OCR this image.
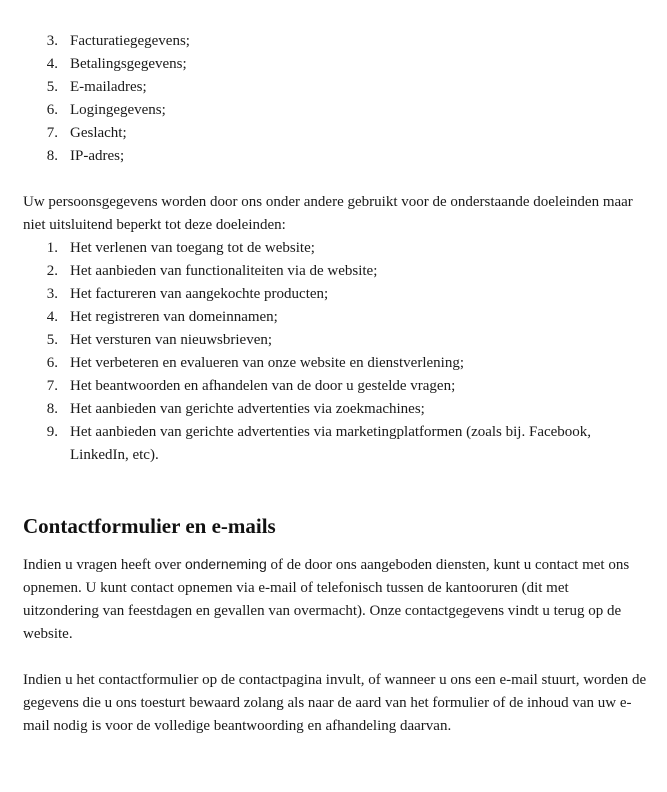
3. Facturatiegegevens;
4. Betalingsgegevens;
5. E-mailadres;
6. Logingegevens;
7. Geslacht;
8. IP-adres;

Uw persoonsgegevens worden door ons onder andere gebruikt voor de onderstaande doeleinden maar niet uitsluitend beperkt tot deze doeleinden:

1. Het verlenen van toegang tot de website;
2. Het aanbieden van functionaliteiten via de website;
3. Het factureren van aangekochte producten;
4. Het registreren van domeinnamen;
5. Het versturen van nieuwsbrieven;
6. Het verbeteren en evalueren van onze website en dienstverlening;
7. Het beantwoorden en afhandelen van de door u gestelde vragen;
8. Het aanbieden van gerichte advertenties via zoekmachines;
9. Het aanbieden van gerichte advertenties via marketingplatformen (zoals bij. Facebook, LinkedIn, etc).
Contactformulier en e-mails

Indien u vragen heeft over onderneming of de door ons aangeboden diensten, kunt u contact met ons opnemen. U kunt contact opnemen via e-mail of telefonisch tussen de kantooruren (dit met uitzondering van feestdagen en gevallen van overmacht). Onze contactgegevens vindt u terug op de website.

Indien u het contactformulier op de contactpagina invult, of wanneer u ons een e-mail stuurt, worden de gegevens die u ons toesturt bewaard zolang als naar de aard van het formulier of de inhoud van uw e-mail nodig is voor de volledige beantwoording en afhandeling daarvan.
